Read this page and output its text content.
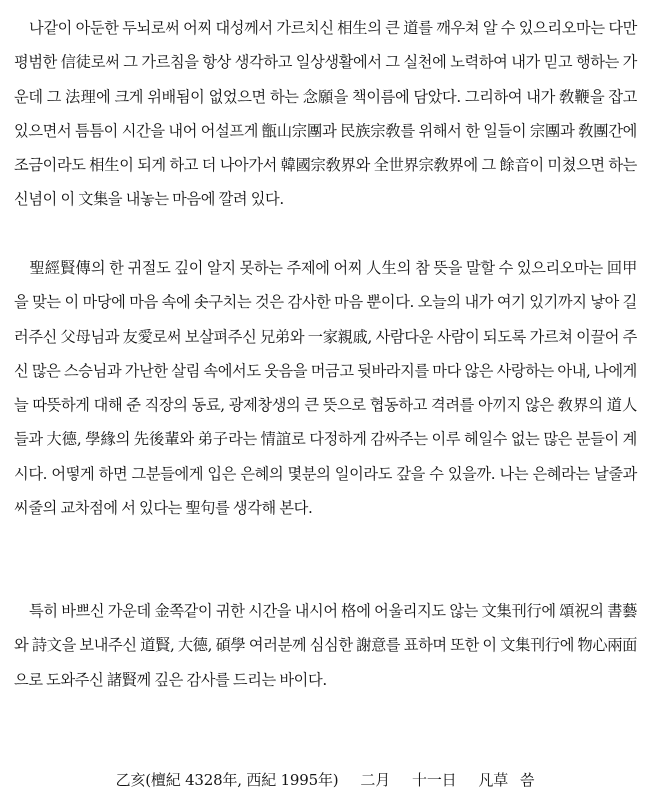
나같이 아둔한 두뇌로써 어찌 대성께서 가르치신 相生의 큰 道를 깨우쳐 알 수 있으리오마는 다만 평범한 信徒로써 그 가르침을 항상 생각하고 일상생활에서 그 실천에 노력하여 내가 믿고 행하는 가운데 그 法理에 크게 위배됨이 없었으면 하는 念願을 책이름에 담았다. 그리하여 내가 敎鞭을 잡고 있으면서 틈틈이 시간을 내어 어설프게 甑山宗團과 民族宗敎를 위해서 한 일들이 宗團과 敎團간에 조금이라도 相生이 되게 하고 더 나아가서 韓國宗敎界와 全世界宗敎界에 그 餘音이 미쳤으면 하는 신념이 이 文集을 내놓는 마음에 깔려 있다.

聖經賢傳의 한 귀절도 깊이 알지 못하는 주제에 어찌 人生의 참 뜻을 말할 수 있으리오마는 回甲을 맞는 이 마당에 마음 속에 솟구치는 것은 감사한 마음 뿐이다. 오늘의 내가 여기 있기까지 낳아 길러주신 父母님과 友愛로써 보살펴주신 兄弟와 一家親戚, 사람다운 사람이 되도록 가르쳐 이끌어 주신 많은 스승님과 가난한 살림 속에서도 웃음을 머금고 뒷바라지를 마다 않은 사랑하는 아내, 나에게 늘 따뜻하게 대해 준 직장의 동료, 광제창생의 큰 뜻으로 협동하고 격려를 아끼지 않은 敎界의 道人들과 大德, 學緣의 先後輩와 弟子라는 情誼로 다정하게 감싸주는 이루 헤일수 없는 많은 분들이 계시다. 어떻게 하면 그분들에게 입은 은혜의 몇분의 일이라도 갚을 수 있을까. 나는 은혜라는 날줄과 씨줄의 교차점에 서 있다는 聖句를 생각해 본다.

특히 바쁘신 가운데 金쪽같이 귀한 시간을 내시어 格에 어울리지도 않는 文集刊行에 頌祝의 書藝와 詩文을 보내주신 道賢, 大德, 碩學 여러분께 심심한 謝意를 표하며 또한 이 文集刊行에 物心兩面으로 도와주신 諸賢께 깊은 감사를 드리는 바이다.

乙亥(檀紀 4328年, 西紀 1995年) 二月 十一日 凡草 씀
